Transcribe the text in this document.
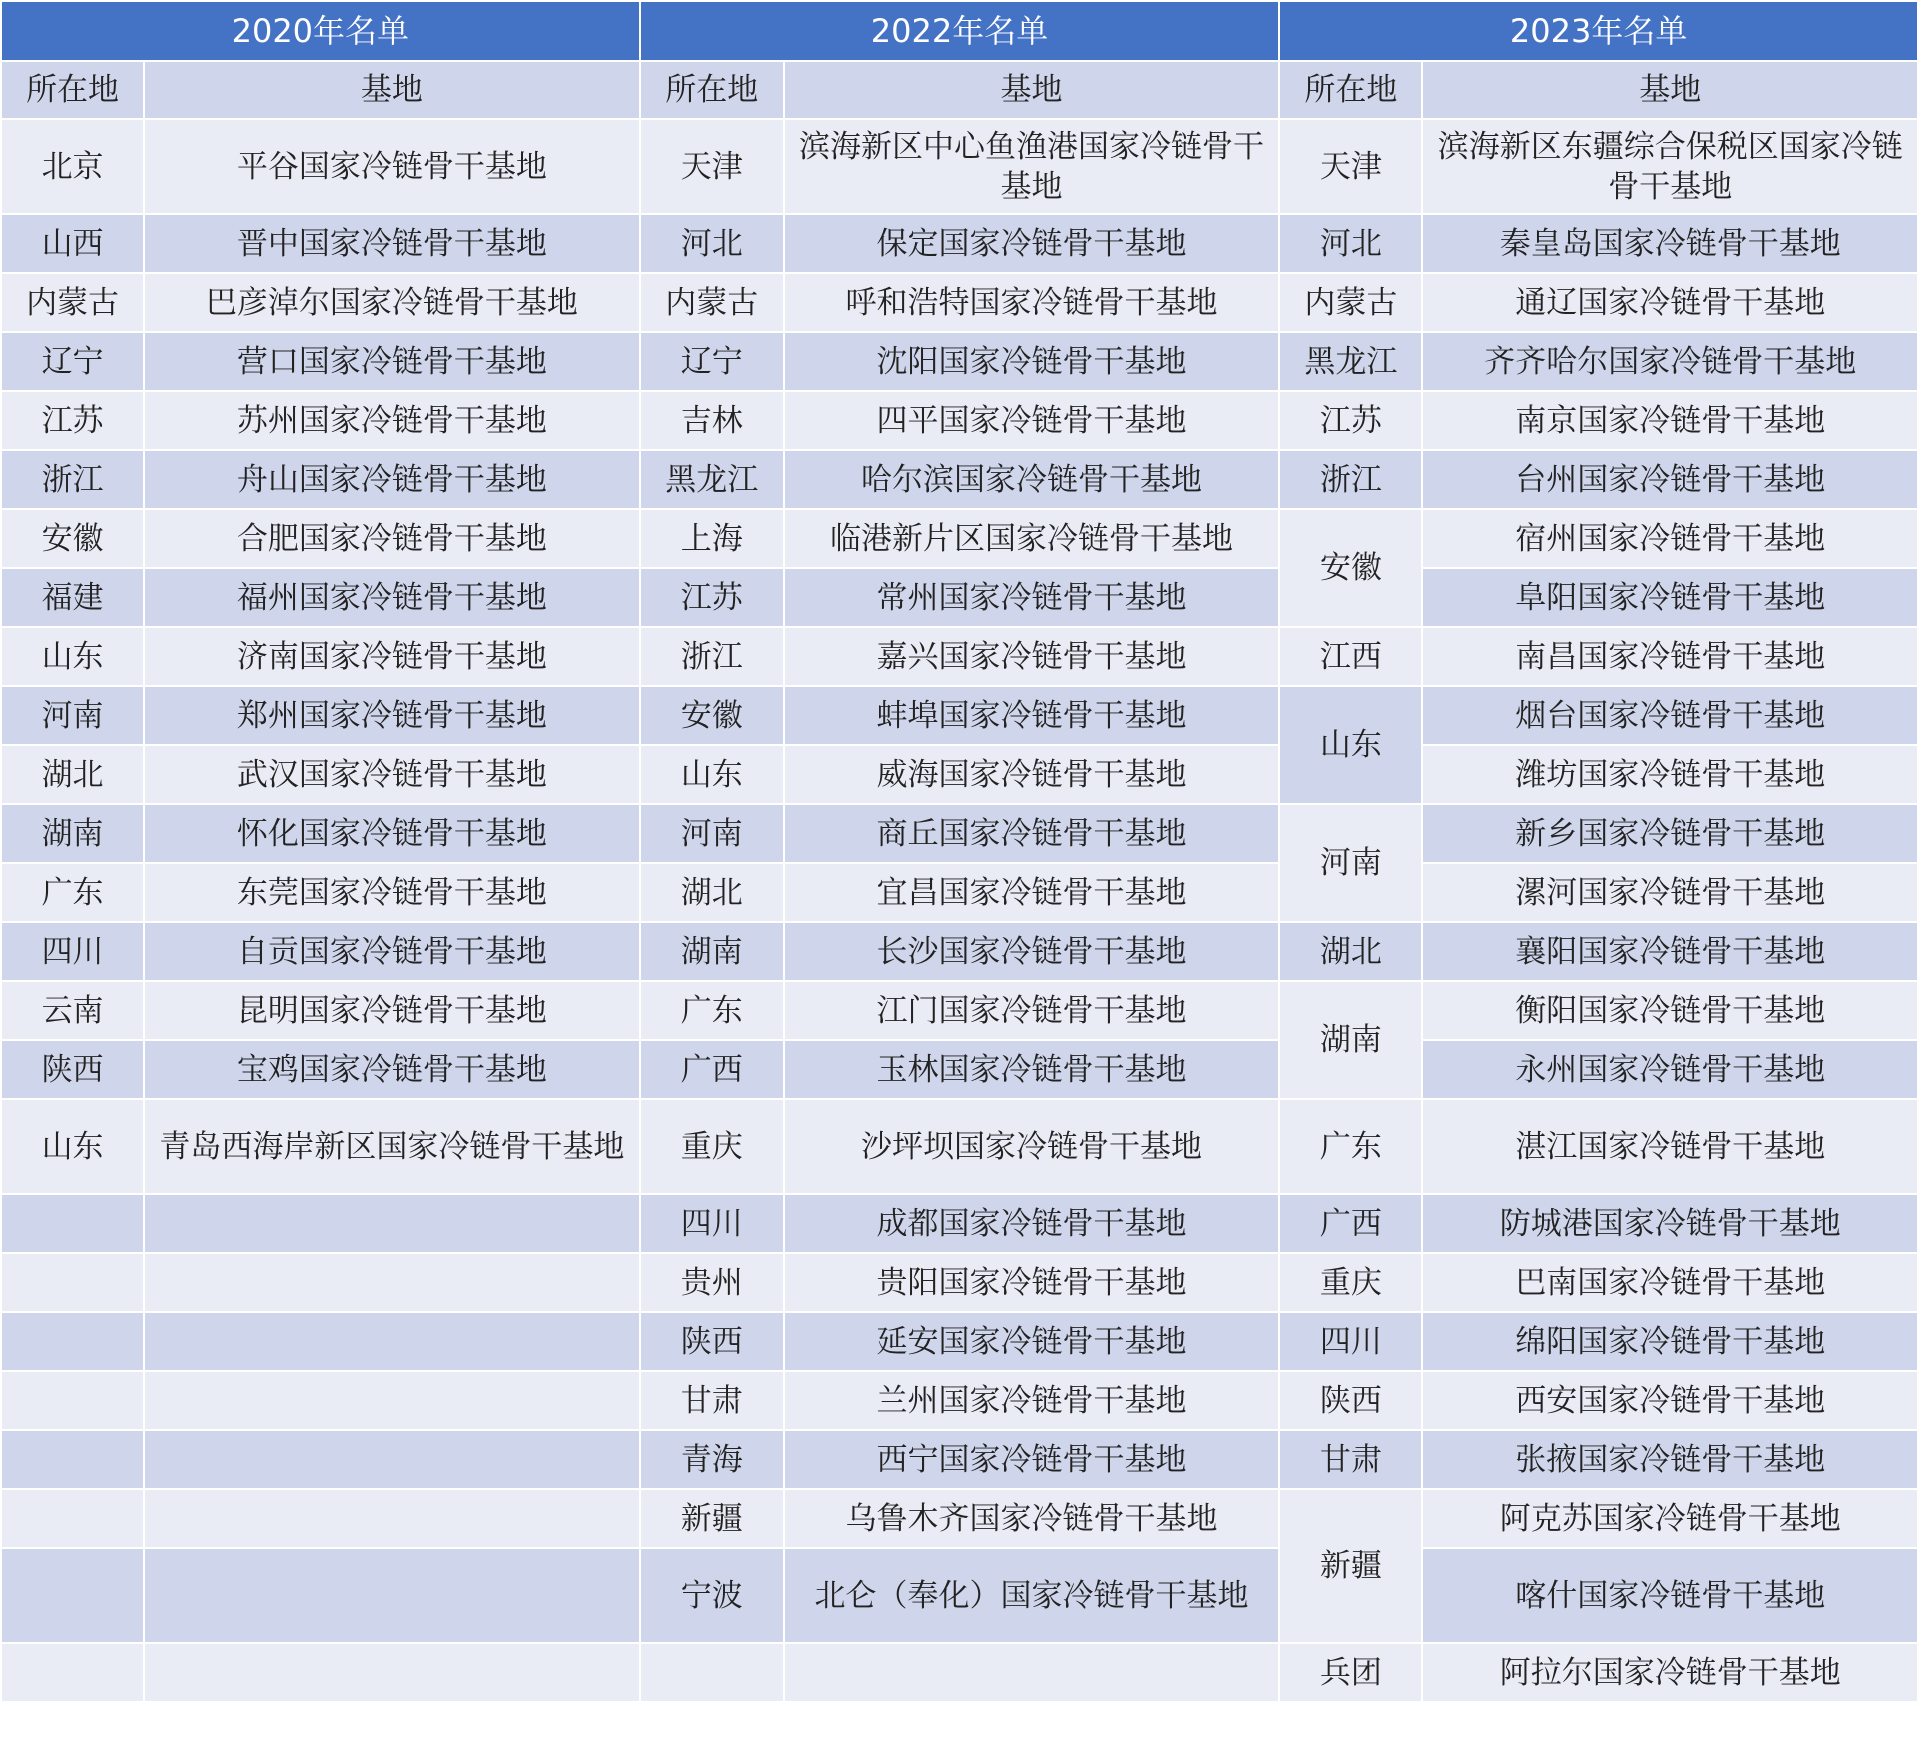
2020年名单		2022年名单		2023年名单	
所在地	基地	所在地	基地	所在地	基地
北京	平谷国家冷链骨干基地	天津	滨海新区中心鱼渔港国家冷链骨干基地	天津	滨海新区东疆综合保税区国家冷链骨干基地
山西	晋中国家冷链骨干基地	河北	保定国家冷链骨干基地	河北	秦皇岛国家冷链骨干基地
内蒙古	巴彦淖尔国家冷链骨干基地	内蒙古	呼和浩特国家冷链骨干基地	内蒙古	通辽国家冷链骨干基地
辽宁	营口国家冷链骨干基地	辽宁	沈阳国家冷链骨干基地	黑龙江	齐齐哈尔国家冷链骨干基地
江苏	苏州国家冷链骨干基地	吉林	四平国家冷链骨干基地	江苏	南京国家冷链骨干基地
浙江	舟山国家冷链骨干基地	黑龙江	哈尔滨国家冷链骨干基地	浙江	台州国家冷链骨干基地
安徽	合肥国家冷链骨干基地	上海	临港新片区国家冷链骨干基地	安徽	宿州国家冷链骨干基地
福建	福州国家冷链骨干基地	江苏	常州国家冷链骨干基地		阜阳国家冷链骨干基地
山东	济南国家冷链骨干基地	浙江	嘉兴国家冷链骨干基地	江西	南昌国家冷链骨干基地
河南	郑州国家冷链骨干基地	安徽	蚌埠国家冷链骨干基地	山东	烟台国家冷链骨干基地
湖北	武汉国家冷链骨干基地	山东	威海国家冷链骨干基地		潍坊国家冷链骨干基地
湖南	怀化国家冷链骨干基地	河南	商丘国家冷链骨干基地	河南	新乡国家冷链骨干基地
广东	东莞国家冷链骨干基地	湖北	宜昌国家冷链骨干基地		漯河国家冷链骨干基地
四川	自贡国家冷链骨干基地	湖南	长沙国家冷链骨干基地	湖北	襄阳国家冷链骨干基地
云南	昆明国家冷链骨干基地	广东	江门国家冷链骨干基地	湖南	衡阳国家冷链骨干基地
陕西	宝鸡国家冷链骨干基地	广西	玉林国家冷链骨干基地		永州国家冷链骨干基地
山东	青岛西海岸新区国家冷链骨干基地	重庆	沙坪坝国家冷链骨干基地	广东	湛江国家冷链骨干基地
		四川	成都国家冷链骨干基地	广西	防城港国家冷链骨干基地
		贵州	贵阳国家冷链骨干基地	重庆	巴南国家冷链骨干基地
		陕西	延安国家冷链骨干基地	四川	绵阳国家冷链骨干基地
		甘肃	兰州国家冷链骨干基地	陕西	西安国家冷链骨干基地
		青海	西宁国家冷链骨干基地	甘肃	张掖国家冷链骨干基地
		新疆	乌鲁木齐国家冷链骨干基地	新疆	阿克苏国家冷链骨干基地
		宁波	北仑（奉化）国家冷链骨干基地		喀什国家冷链骨干基地
				兵团	阿拉尔国家冷链骨干基地
